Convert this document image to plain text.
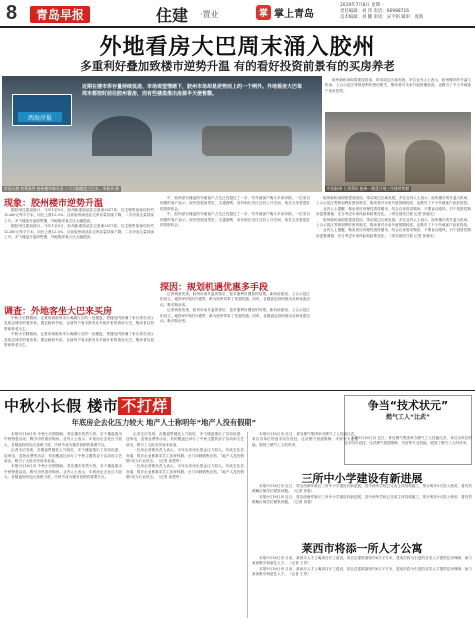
8	青岛早报	住建 ·置业	掌 掌上青岛
2019年7月8日 星期一
责任编辑：刘 伟 电话：66988716
美术编辑：刘 鹏 审读：宋平和 辑审：庞新
外地看房大巴周末涌入胶州
多重利好叠加致楼市逆势升温 有的看好投资前景有的买房养老
市场火热 有利条件 胶州楼市新开业 二个大幅楼盘大巴车，李振华 摄
西海岸报
近期在楼市库存量持续低迷、市场观望情绪下，胶州市场却是逆势而上的一个例外。外地看房大巴每周末都按时前往胶州看房，而有些楼盘推出房源半天便售罄。
中国胶州 七项利好 胶州一楼盘开展工作楼营售额

胶州新机场即将建成投用，带动周边区域发展。多位业内人士表示，胶州楼市的升温与机场、上合示范区等规划利好密切相关，购房者对未来升值预期较高，也吸引了不少外地客户前来投资。

现象：胶州楼市逆势升温

据胶州住建局统计，今年1至5月，胶州新建商品住宅备案3017套，住宅销售备案均价约12260元每平方米，同比上涨12.5%。目前胶州商品住宅库存量持续下降，二手房成交量持续上升。多个楼盘开盘即售罄，外地购房客占比大幅提高。

据胶州住建局统计，今年1至5月，胶州新建商品住宅备案3017套，住宅销售备案均价约12260元每平方米，同比上涨12.5%。目前胶州商品住宅库存量持续下降，二手房成交量持续上升。多个楼盘开盘即售罄，外地购房客占比大幅提高。

调查：外地客坐大巴来买房

中秋小长假期间，记者来到胶州市少海湖片区的一处楼盘，售楼处内挤满了来自青岛市区及周边城市的看房者。置业顾问介绍，目前每个周末都有从外地开来的看房大巴，购房者以投资和养老为主。

中秋小长假期间，记者来到胶州市少海湖片区的一处楼盘，售楼处内挤满了来自青岛市区及周边城市的看房者。置业顾问介绍，目前每个周末都有从外地开来的看房大巴，购房者以投资和养老为主。

中，胶州部分楼盘的外地客户占比已经超过了一半，有外地客户购买多套房源。一位来自即墨的客户表示，胶州发展前景好，交通便利，房价相比市区还有上升空间，现在买房是很好的投资机会。

中，胶州部分楼盘的外地客户占比已经超过了一半，有外地客户购买多套房源。一位来自即墨的客户表示，胶州发展前景好，交通便利，房价相比市区还有上升空间，现在买房是很好的投资机会。

探因：规划机遇优惠多手段

记者调查发现，胶州市场升温的背后，是多重利好叠加的结果。新机场建设、上合示范区的设立，地铁8号线的开通等，都为胶州带来了发展机遇。同时，各楼盘也纷纷推出各种优惠活动，吸引购房者。

记者调查发现，胶州市场升温的背后，是多重利好叠加的结果。新机场建设、上合示范区的设立，地铁8号线的开通等，都为胶州带来了发展机遇。同时，各楼盘也纷纷推出各种优惠活动，吸引购房者。

胶州新机场即将建成投用，带动周边区域发展。多位业内人士表示，胶州楼市的升温与机场、上合示范区等规划利好密切相关，购房者对未来升值预期较高，也吸引了不少外地客户前来投资。

业内人士提醒，购房者应该理性看待楼市，结合自身需求购房，不要盲目跟风，对于投资性购房更要谨慎，充分考虑市场风险和政策变化。（青岛财经日报 记者 张晓光）

胶州新机场即将建成投用，带动周边区域发展。多位业内人士表示，胶州楼市的升温与机场、上合示范区等规划利好密切相关，购房者对未来升值预期较高，也吸引了不少外地客户前来投资。

业内人士提醒，购房者应该理性看待楼市，结合自身需求购房，不要盲目跟风，对于投资性购房更要谨慎，充分考虑市场风险和政策变化。（青岛财经日报 记者 张晓光）

中秋小长假 楼市 不打烊
年底房企去化压力较大 地产人士称明年“地产人没有假期”

本报9月16日讯 中秋小长假期间，青岛楼市依然火热，多个楼盘推出中秋特惠活动，吸引市民看房购房。业内人士表示，年底房企去化压力较大，各楼盘纷纷加大营销力度，中秋节成为楼市营销的重要节点。

记者走访发现，各楼盘售楼处人气较旺，多个楼盘推出了折扣优惠、送家电、送物业费等活动，有的楼盘还举办了中秋主题的亲子活动和文艺演出，吸引了大批市民前来参加。

本报9月16日讯 中秋小长假期间，青岛楼市依然火热，多个楼盘推出中秋特惠活动，吸引市民看房购房。业内人士表示，年底房企去化压力较大，各楼盘纷纷加大营销力度，中秋节成为楼市营销的重要节点。

记者走访发现，各楼盘售楼处人气较旺，多个楼盘推出了折扣优惠、送家电、送物业费等活动，有的楼盘还举办了中秋主题的亲子活动和文艺演出，吸引了大批市民前来参加。

一位房企营销负责人表示，今年以来房企资金压力较大，年底去化任务重，很多企业都要求员工放弃休假，全力冲刺销售业绩，“地产人没有假期”成为行业常态。（记者 周建军）

一位房企营销负责人表示，今年以来房企资金压力较大，年底去化任务重，很多企业都要求员工放弃休假，全力冲刺销售业绩，“地产人没有假期”成为行业常态。（记者 周建军）

争当“技术状元”
燃气工人“比武”

本报9月16日讯 近日，青岛燃气集团举办燃气工人技能比武，来自各单位的选手同台竞技，比试燃气管道维修、安检等专业技能，展现了燃气工人的风采。

本报9月16日讯 近日，青岛燃气集团举办燃气工人技能比武，来自各单位的选手同台竞技，比试燃气管道维修、安检等专业技能，展现了燃气工人的风采。

三所中小学建设有新进展

本报9月16日讯 近日，青岛西海岸新区三所中小学建设有新进展，其中两所学校已完成主体结构施工，预计明年9月投入使用，将有效缓解区域学位紧张问题。（记者 刘春）

本报9月16日讯 近日，青岛西海岸新区三所中小学建设有新进展，其中两所学校已完成主体结构施工，预计明年9月投入使用，将有效缓解区域学位紧张问题。（记者 刘春）

莱西市将添一所人才公寓

本报9月16日讯 日前，莱西市人才公寓项目开工建设，项目总建筑面积约6万平方米，建成后将为引进的各类人才提供住房保障，助力莱西吸引和留住人才。（记者 王青）

本报9月16日讯 日前，莱西市人才公寓项目开工建设，项目总建筑面积约6万平方米，建成后将为引进的各类人才提供住房保障，助力莱西吸引和留住人才。（记者 王青）
